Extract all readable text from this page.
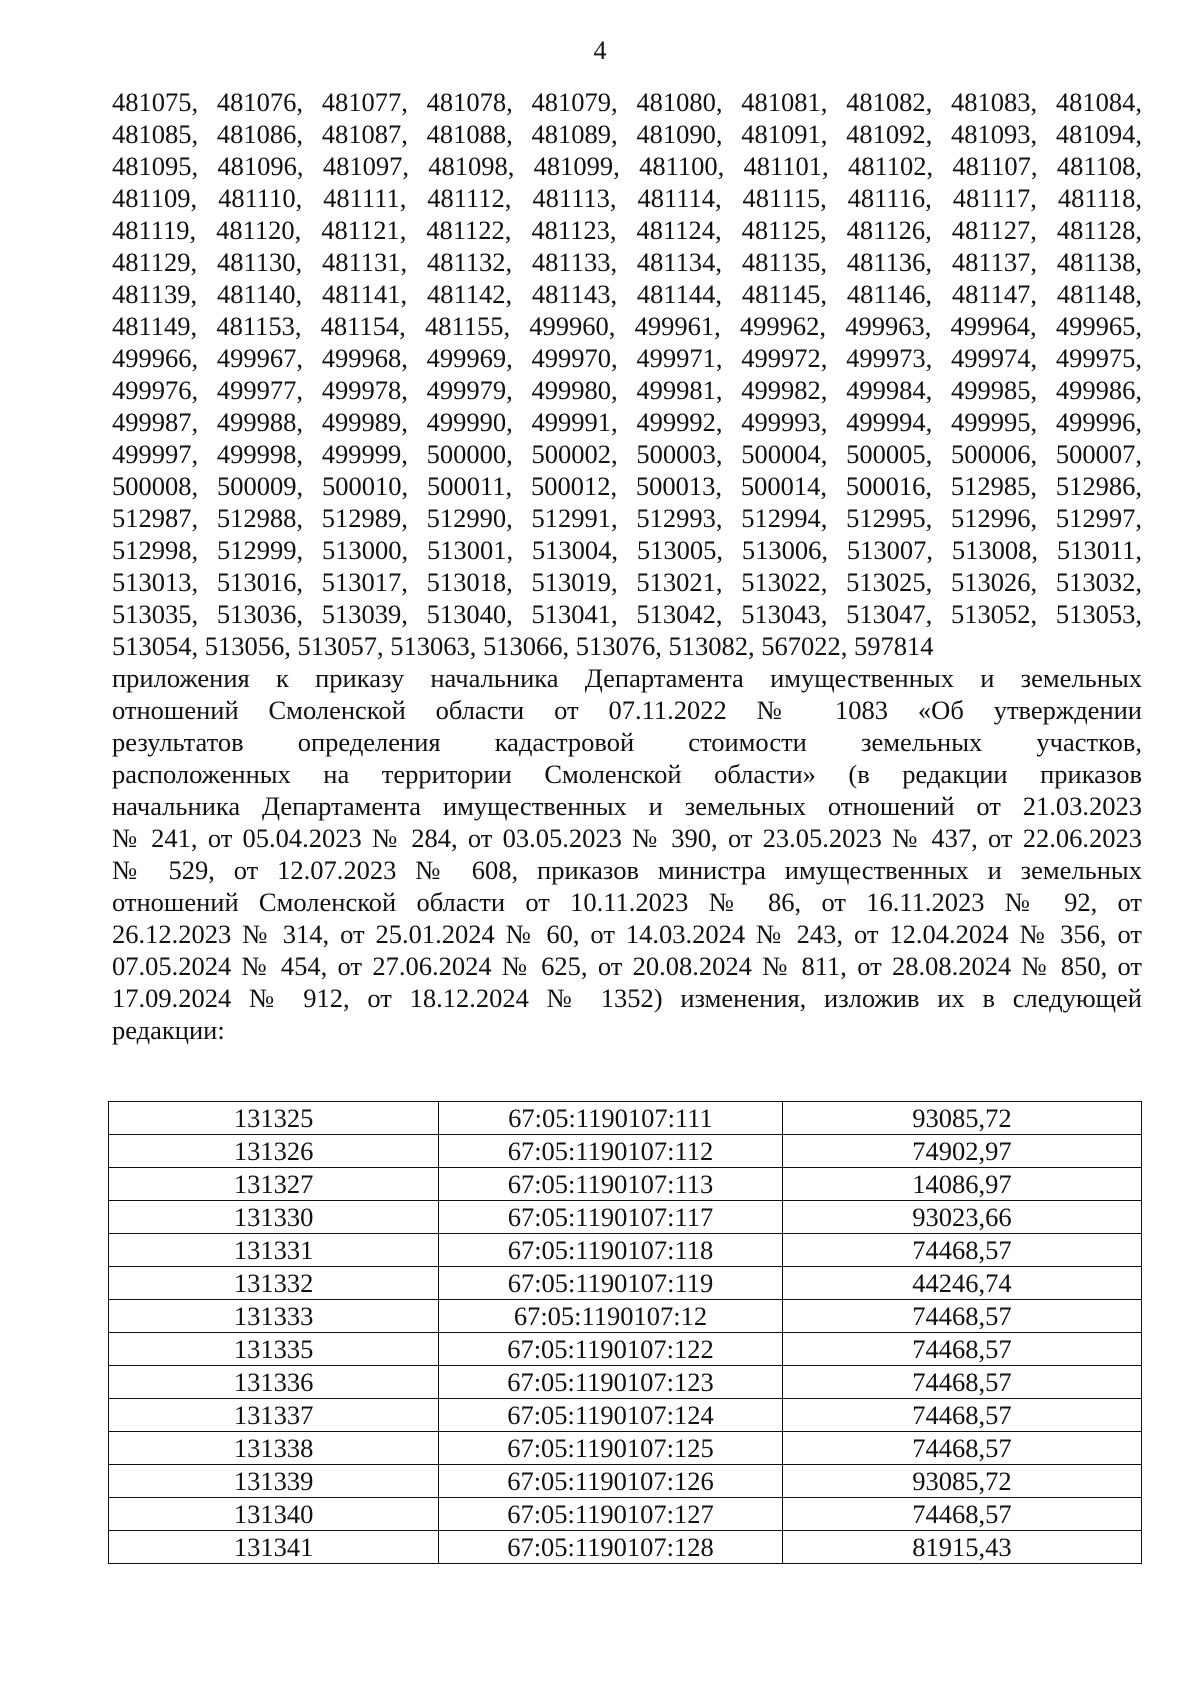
4
481075, 481076, 481077, 481078, 481079, 481080, 481081, 481082, 481083, 481084,
481085, 481086, 481087, 481088, 481089, 481090, 481091, 481092, 481093, 481094,
481095, 481096, 481097, 481098, 481099, 481100, 481101, 481102, 481107, 481108,
481109, 481110, 481111, 481112, 481113, 481114, 481115, 481116, 481117, 481118,
481119, 481120, 481121, 481122, 481123, 481124, 481125, 481126, 481127, 481128,
481129, 481130, 481131, 481132, 481133, 481134, 481135, 481136, 481137, 481138,
481139, 481140, 481141, 481142, 481143, 481144, 481145, 481146, 481147, 481148,
481149, 481153, 481154, 481155, 499960, 499961, 499962, 499963, 499964, 499965,
499966, 499967, 499968, 499969, 499970, 499971, 499972, 499973, 499974, 499975,
499976, 499977, 499978, 499979, 499980, 499981, 499982, 499984, 499985, 499986,
499987, 499988, 499989, 499990, 499991, 499992, 499993, 499994, 499995, 499996,
499997, 499998, 499999, 500000, 500002, 500003, 500004, 500005, 500006, 500007,
500008, 500009, 500010, 500011, 500012, 500013, 500014, 500016, 512985, 512986,
512987, 512988, 512989, 512990, 512991, 512993, 512994, 512995, 512996, 512997,
512998, 512999, 513000, 513001, 513004, 513005, 513006, 513007, 513008, 513011,
513013, 513016, 513017, 513018, 513019, 513021, 513022, 513025, 513026, 513032,
513035, 513036, 513039, 513040, 513041, 513042, 513043, 513047, 513052, 513053,
513054, 513056, 513057, 513063, 513066, 513076, 513082, 567022, 597814
приложения к приказу начальника Департамента имущественных и земельных
отношений Смоленской области от 07.11.2022 № 1083 «Об утверждении
результатов определения кадастровой стоимости земельных участков,
расположенных на территории Смоленской области» (в редакции приказов
начальника Департамента имущественных и земельных отношений от 21.03.2023
№ 241, от 05.04.2023 № 284, от 03.05.2023 № 390, от 23.05.2023 № 437, от 22.06.2023
№ 529, от 12.07.2023 № 608, приказов министра имущественных и земельных
отношений Смоленской области от 10.11.2023 № 86, от 16.11.2023 № 92, от
26.12.2023 № 314, от 25.01.2024 № 60, от 14.03.2024 № 243, от 12.04.2024 № 356, от
07.05.2024 № 454, от 27.06.2024 № 625, от 20.08.2024 № 811, от 28.08.2024 № 850, от
17.09.2024 № 912, от 18.12.2024 № 1352) изменения, изложив их в следующей
редакции:
131325	67:05:1190107:111	93085,72
131326	67:05:1190107:112	74902,97
131327	67:05:1190107:113	14086,97
131330	67:05:1190107:117	93023,66
131331	67:05:1190107:118	74468,57
131332	67:05:1190107:119	44246,74
131333	67:05:1190107:12	74468,57
131335	67:05:1190107:122	74468,57
131336	67:05:1190107:123	74468,57
131337	67:05:1190107:124	74468,57
131338	67:05:1190107:125	74468,57
131339	67:05:1190107:126	93085,72
131340	67:05:1190107:127	74468,57
131341	67:05:1190107:128	81915,43
